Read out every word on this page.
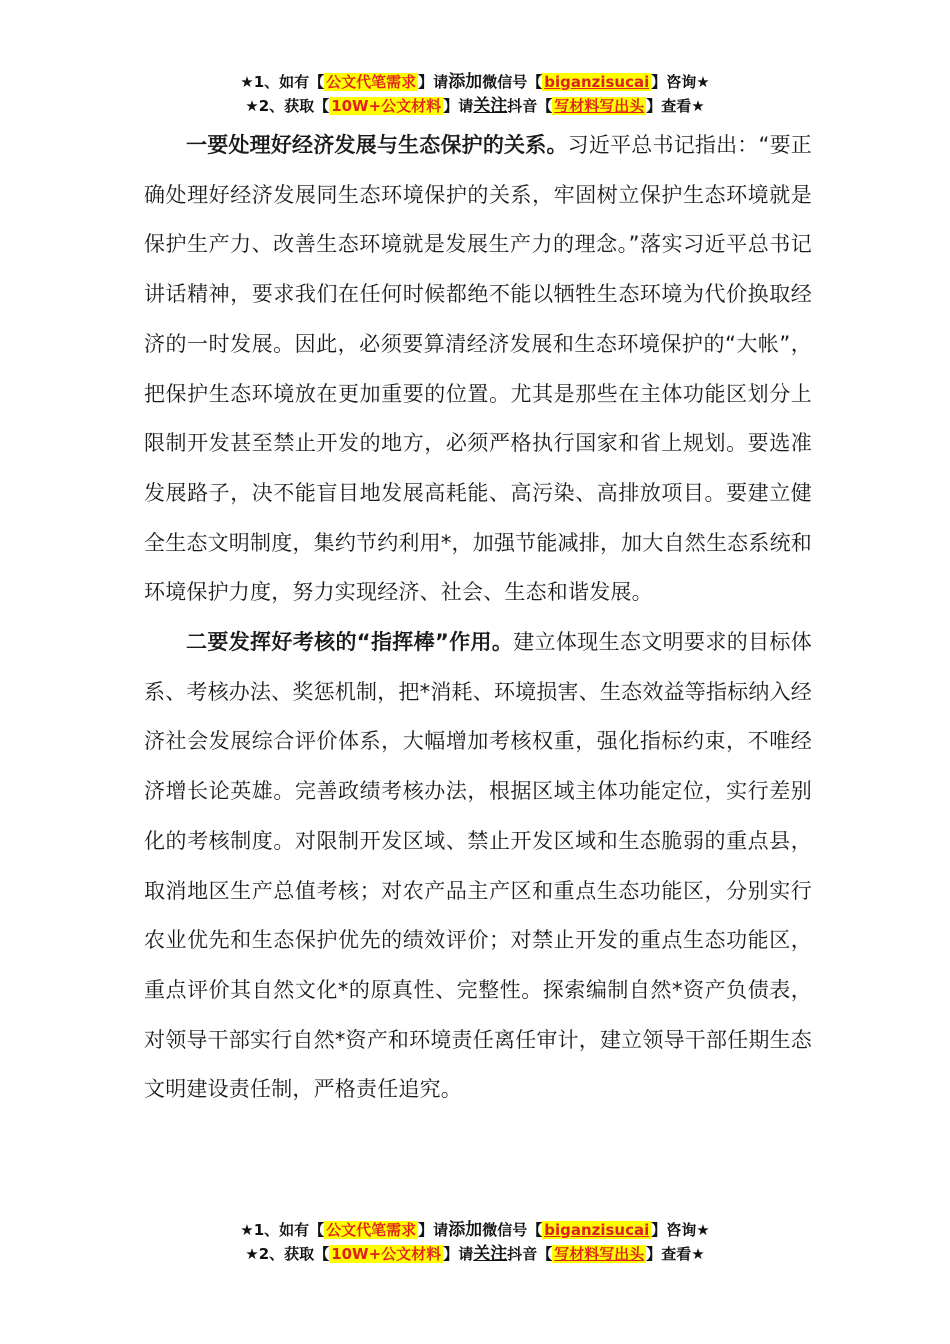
★1、如有【 公文代笔需求 】请添加微信号【 biganzisucai 】咨询★
★2、获取【 10W+公文材料 】请关注抖音【 写材料写出头 】查看★

一要处理好经济发展与生态保护的关系。习近平总书记指出：“要正确处理好经济发展同生态环境保护的关系，牢固树立保护生态环境就是保护生产力、改善生态环境就是发展生产力的理念。”落实习近平总书记讲话精神，要求我们在任何时候都绝不能以牺牲生态环境为代价换取经济的一时发展。因此，必须要算清经济发展和生态环境保护的“大帐”，把保护生态环境放在更加重要的位置。尤其是那些在主体功能区划分上限制开发甚至禁止开发的地方，必须严格执行国家和省上规划。要选准发展路子，决不能盲目地发展高耗能、高污染、高排放项目。要建立健全生态文明制度，集约节约利用*，加强节能减排，加大自然生态系统和环境保护力度，努力实现经济、社会、生态和谐发展。

二要发挥好考核的“指挥棒”作用。建立体现生态文明要求的目标体系、考核办法、奖惩机制，把*消耗、环境损害、生态效益等指标纳入经济社会发展综合评价体系，大幅增加考核权重，强化指标约束，不唯经济增长论英雄。完善政绩考核办法，根据区域主体功能定位，实行差别化的考核制度。对限制开发区域、禁止开发区域和生态脆弱的重点县，取消地区生产总值考核；对农产品主产区和重点生态功能区，分别实行农业优先和生态保护优先的绩效评价；对禁止开发的重点生态功能区，重点评价其自然文化*的原真性、完整性。探索编制自然*资产负债表，对领导干部实行自然*资产和环境责任离任审计，建立领导干部任期生态文明建设责任制，严格责任追究。

★1、如有【 公文代笔需求 】请添加微信号【 biganzisucai 】咨询★
★2、获取【 10W+公文材料 】请关注抖音【 写材料写出头 】查看★
